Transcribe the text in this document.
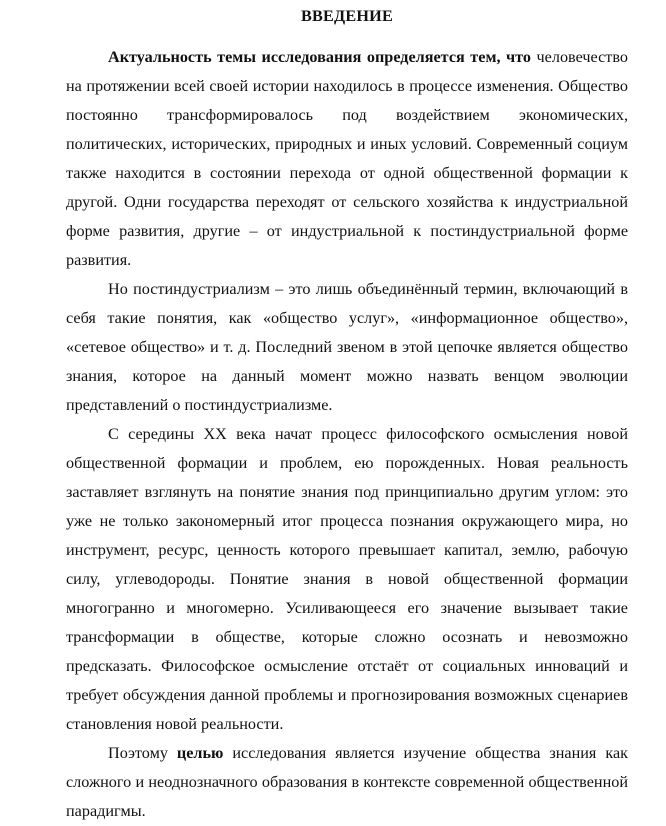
ВВЕДЕНИЕ

Актуальность темы исследования определяется тем, что человечество на протяжении всей своей истории находилось в процессе изменения. Общество постоянно трансформировалось под воздействием экономических, политических, исторических, природных и иных условий. Современный социум также находится в состоянии перехода от одной общественной формации к другой. Одни государства переходят от сельского хозяйства к индустриальной форме развития, другие – от индустриальной к постиндустриальной форме развития.

Но постиндустриализм – это лишь объединённый термин, включающий в себя такие понятия, как «общество услуг», «информационное общество», «сетевое общество» и т. д. Последний звеном в этой цепочке является общество знания, которое на данный момент можно назвать венцом эволюции представлений о постиндустриализме.

С середины XX века начат процесс философского осмысления новой общественной формации и проблем, ею порожденных. Новая реальность заставляет взглянуть на понятие знания под принципиально другим углом: это уже не только закономерный итог процесса познания окружающего мира, но инструмент, ресурс, ценность которого превышает капитал, землю, рабочую силу, углеводороды. Понятие знания в новой общественной формации многогранно и многомерно. Усиливающееся его значение вызывает такие трансформации в обществе, которые сложно осознать и невозможно предсказать. Философское осмысление отстаёт от социальных инноваций и требует обсуждения данной проблемы и прогнозирования возможных сценариев становления новой реальности.

Поэтому целью исследования является изучение общества знания как сложного и неоднозначного образования в контексте современной общественной парадигмы.
